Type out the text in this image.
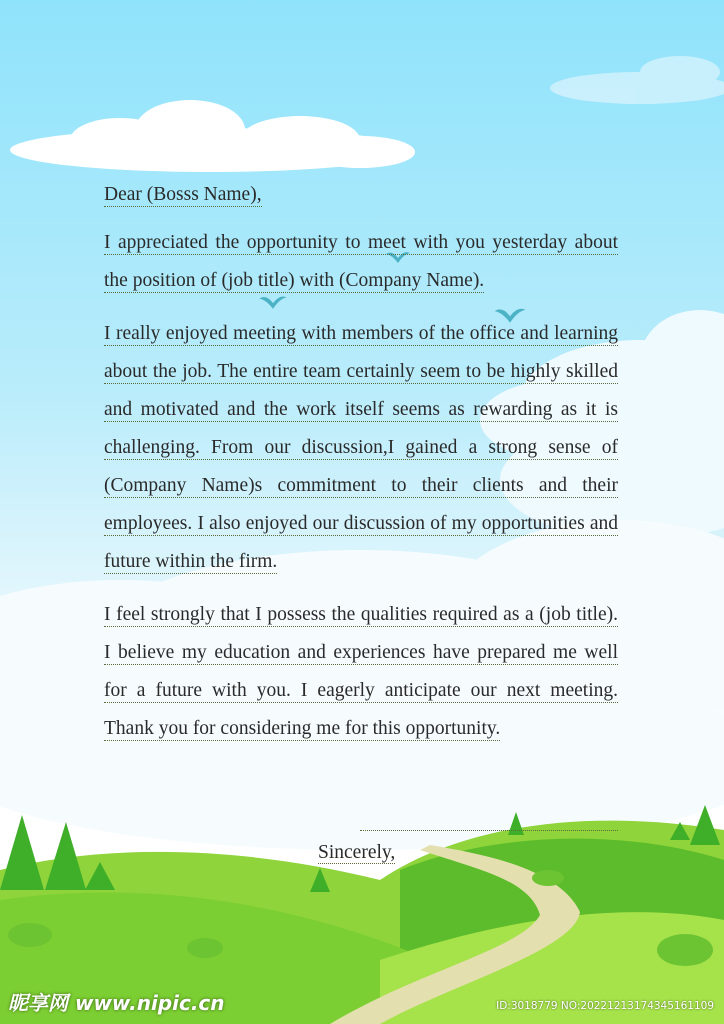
Dear (Bosss Name),

I appreciated the opportunity to meet with you yesterday about the position of (job title) with (Company Name).

I really enjoyed meeting with members of the office and learning about the job. The entire team certainly seem to be highly skilled and motivated and the work itself seems as rewarding as it is challenging. From our discussion,I gained a strong sense of (Company Name)s commitment to their clients and their employees. I also enjoyed our discussion of my opportunities and future within the firm.

I feel strongly that I possess the qualities required as a (job title). I believe my education and experiences have prepared me well for a future with you. I eagerly anticipate our next meeting. Thank you for considering me for this opportunity.

Sincerely,
昵享网 www.nipic.cn	ID:3018779 NO:20221213174345161109
